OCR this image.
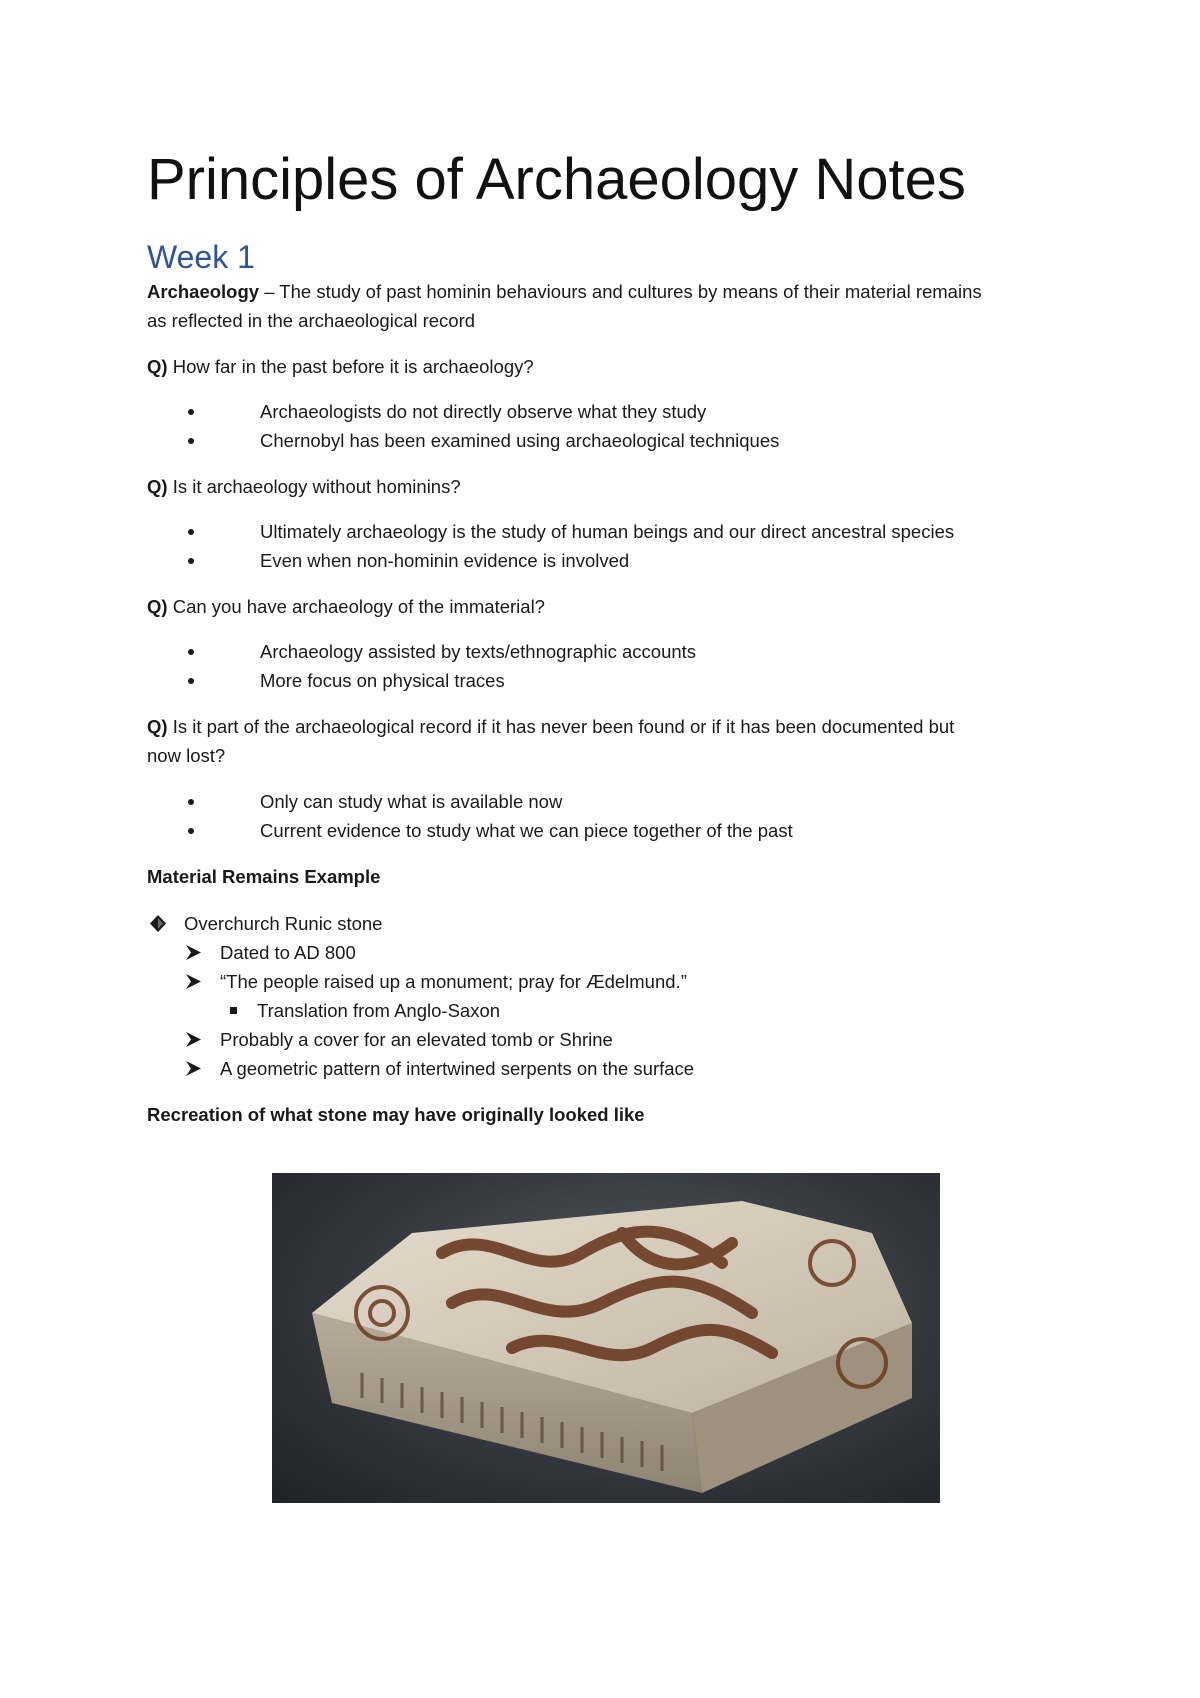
Principles of Archaeology Notes
Week 1
Archaeology – The study of past hominin behaviours and cultures by means of their material remains
as reflected in the archaeological record
Q) How far in the past before it is archaeology?
Archaeologists do not directly observe what they study
Chernobyl has been examined using archaeological techniques
Q) Is it archaeology without hominins?
Ultimately archaeology is the study of human beings and our direct ancestral species
Even when non-hominin evidence is involved
Q) Can you have archaeology of the immaterial?
Archaeology assisted by texts/ethnographic accounts
More focus on physical traces
Q) Is it part of the archaeological record if it has never been found or if it has been documented but
now lost?
Only can study what is available now
Current evidence to study what we can piece together of the past
Material Remains Example
Overchurch Runic stone
Dated to AD 800
“The people raised up a monument; pray for Ædelmund.”
Translation from Anglo-Saxon
Probably a cover for an elevated tomb or Shrine
A geometric pattern of intertwined serpents on the surface
Recreation of what stone may have originally looked like
